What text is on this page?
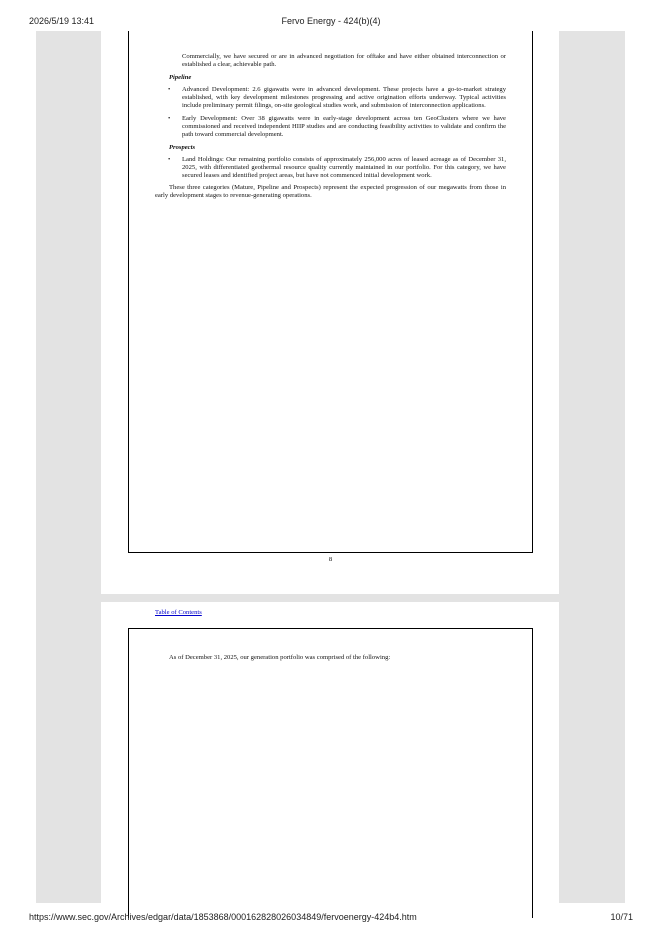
2026/5/19 13:41	Fervo Energy - 424(b)(4)

Commercially, we have secured or are in advanced negotiation for offtake and have either obtained interconnection or established a clear, achievable path.

Pipeline

• Advanced Development: 2.6 gigawatts were in advanced development. These projects have a go-to-market strategy established, with key development milestones progressing and active origination efforts underway. Typical activities include preliminary permit filings, on-site geological studies work, and submission of interconnection applications.

• Early Development: Over 38 gigawatts were in early-stage development across ten GeoClusters where we have commissioned and received independent HIIP studies and are conducting feasibility activities to validate and confirm the path toward commercial development.

Prospects

• Land Holdings: Our remaining portfolio consists of approximately 256,000 acres of leased acreage as of December 31, 2025, with differentiated geothermal resource quality currently maintained in our portfolio. For this category, we have secured leases and identified project areas, but have not commenced initial development work.

These three categories (Mature, Pipeline and Prospects) represent the expected progression of our megawatts from those in early development stages to revenue-generating operations.

8
Table of Contents
As of December 31, 2025, our generation portfolio was comprised of the following:
https://www.sec.gov/Archives/edgar/data/1853868/000162828026034849/fervoenergy-424b4.htm	10/71
